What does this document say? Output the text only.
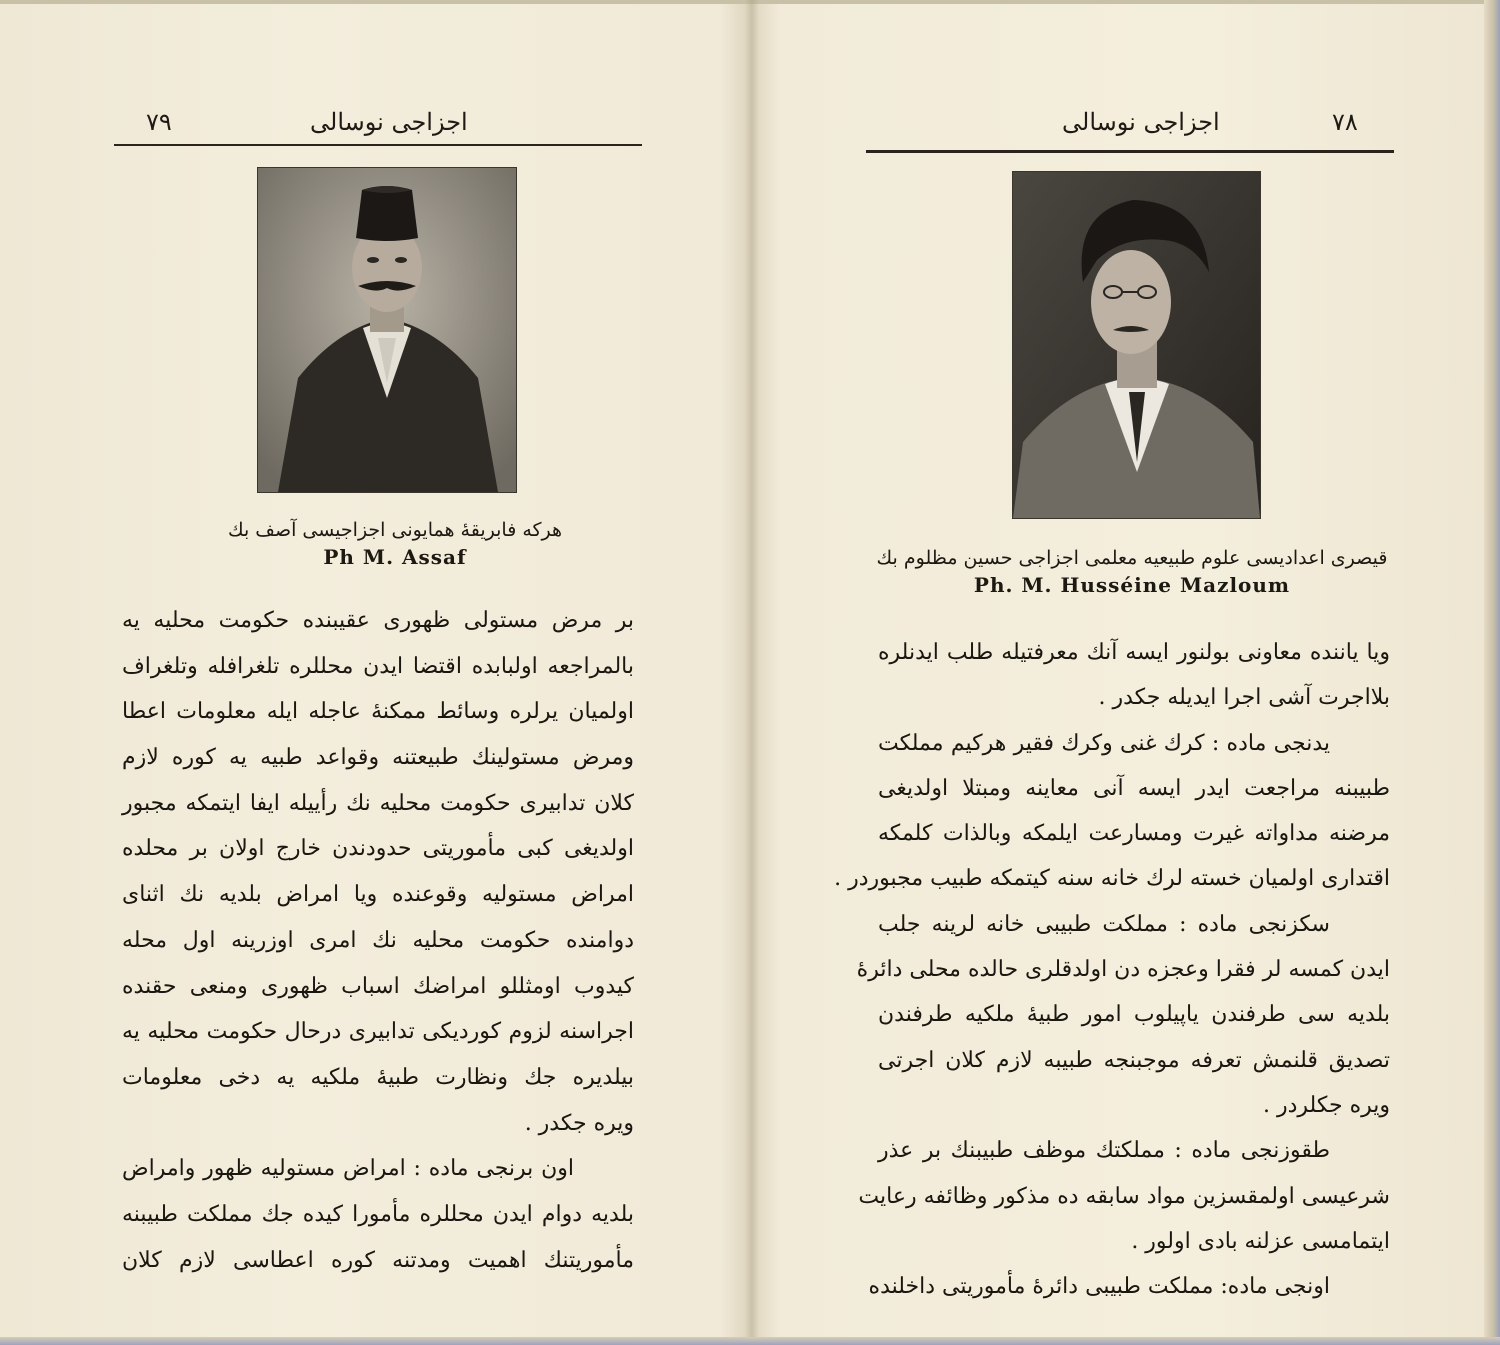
۷۹	اجزاجی نوسالی
هرکه فابریقهٔ همایونی اجزاجیسی آصف بك
Ph M. Assaf
بر مرض مستولی ظهوری عقیبنده حکومت محلیه یه
بالمراجعه اولبابده اقتضا ایدن محللره تلغرافله وتلغراف
اولمیان یرلره وسائط ممکنهٔ عاجله ایله معلومات اعطا
ومرض مستولینك طبیعتنه وقواعد طبیه یه کوره لازم
کلان تدابیری حکومت محلیه نك رأییله ایفا ایتمکه مجبور
اولدیغی کبی مأموریتی حدودندن خارج اولان بر محلده
امراض مستولیه وقوعنده ویا امراض بلدیه نك اثنای
دوامنده حکومت محلیه نك امری اوزرینه اول محله
کیدوب اومثللو امراضك اسباب ظهوری ومنعی حقنده
اجراسنه لزوم کوردیکی تدابیری درحال حکومت محلیه یه
بیلدیره جك ونظارت طبیهٔ ملکیه یه دخی معلومات
ویره جکدر .
اون برنجی ماده : امراض مستولیه ظهور وامراض
بلدیه دوام ایدن محللره مأمورا کیده جك مملکت طبیبنه
مأموریتنك اهمیت ومدتنه کوره اعطاسی لازم کلان
اجزاجی نوسالی	۷۸
قیصری اعدادیسی علوم طبیعیه معلمی اجزاجی حسین مظلوم بك
Ph. M. Husséine Mazloum
ویا یاننده معاونی بولنور ایسه آنك معرفتیله طلب ایدنلره
بلااجرت آشی اجرا ایدیله جکدر .
یدنجی ماده : کرك غنی وکرك فقیر هرکیم مملکت
طبیبنه مراجعت ایدر ایسه آنی معاینه ومبتلا اولدیغی
مرضنه مداواته غیرت ومسارعت ایلمکه وبالذات کلمکه
اقتداری اولمیان خسته لرك خانه سنه کیتمکه طبیب مجبوردر .
سکزنجی ماده : مملکت طبیبی خانه لرینه جلب
ایدن کمسه لر فقرا وعجزه دن اولدقلری حالده محلی دائرهٔ
بلدیه سی طرفندن یاپیلوب امور طبیهٔ ملکیه طرفندن
تصدیق قلنمش تعرفه موجبنجه طبیبه لازم کلان اجرتی
ویره جکلردر .
طقوزنجی ماده : مملکتك موظف طبیبنك بر عذر
شرعیسی اولمقسزین مواد سابقه ده مذکور وظائفه رعایت
ایتمامسی عزلنه بادی اولور .
اونجی ماده: مملکت طبیبی دائرهٔ مأموریتی داخلنده
